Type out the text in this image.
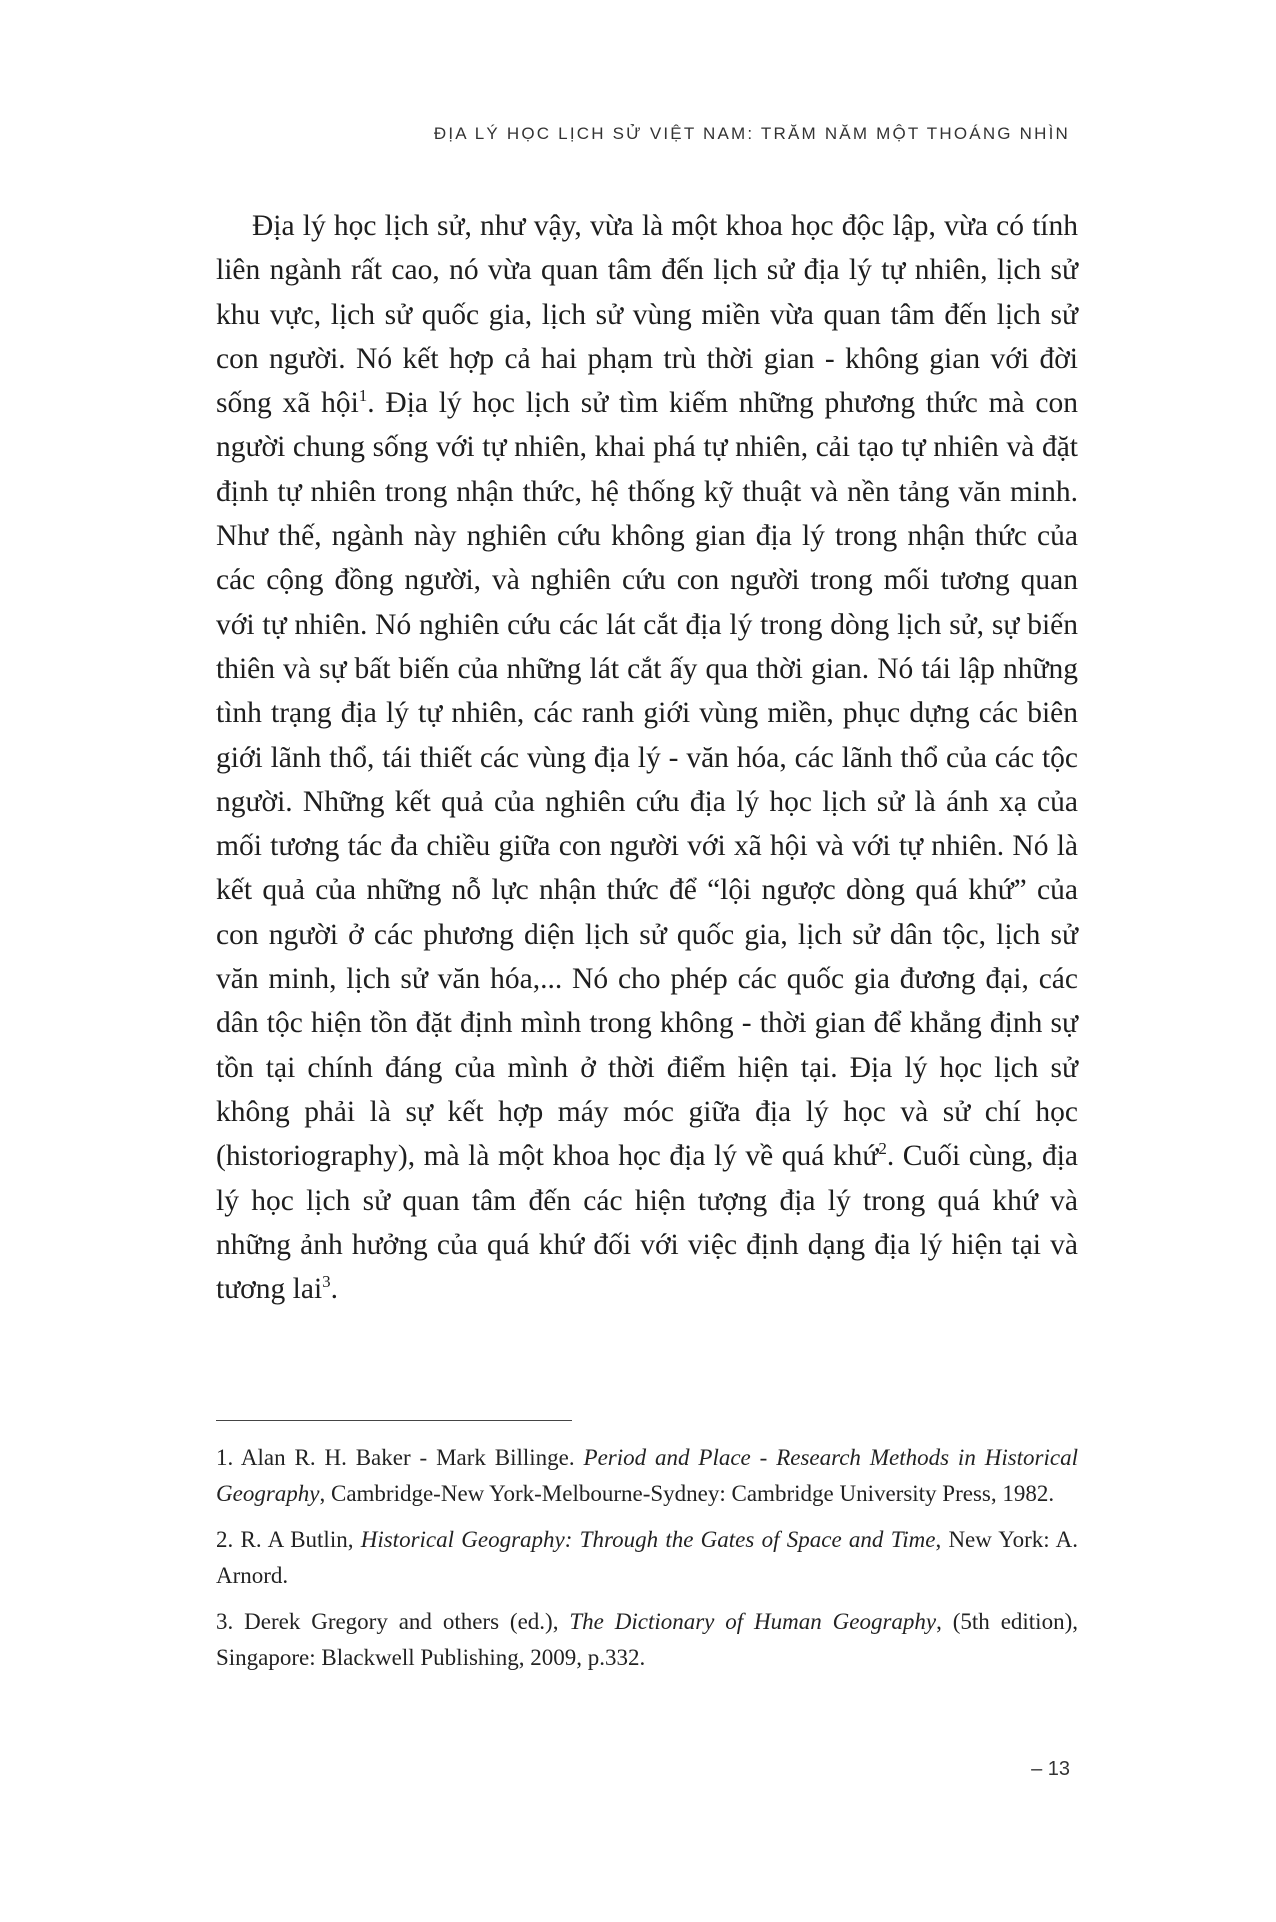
ĐỊA LÝ HỌC LỊCH SỬ VIỆT NAM: TRĂM NĂM MỘT THOÁNG NHÌN

Địa lý học lịch sử, như vậy, vừa là một khoa học độc lập, vừa có tính liên ngành rất cao, nó vừa quan tâm đến lịch sử địa lý tự nhiên, lịch sử khu vực, lịch sử quốc gia, lịch sử vùng miền vừa quan tâm đến lịch sử con người. Nó kết hợp cả hai phạm trù thời gian - không gian với đời sống xã hội$^1$. Địa lý học lịch sử tìm kiếm những phương thức mà con người chung sống với tự nhiên, khai phá tự nhiên, cải tạo tự nhiên và đặt định tự nhiên trong nhận thức, hệ thống kỹ thuật và nền tảng văn minh. Như thế, ngành này nghiên cứu không gian địa lý trong nhận thức của các cộng đồng người, và nghiên cứu con người trong mối tương quan với tự nhiên. Nó nghiên cứu các lát cắt địa lý trong dòng lịch sử, sự biến thiên và sự bất biến của những lát cắt ấy qua thời gian. Nó tái lập những tình trạng địa lý tự nhiên, các ranh giới vùng miền, phục dựng các biên giới lãnh thổ, tái thiết các vùng địa lý - văn hóa, các lãnh thổ của các tộc người. Những kết quả của nghiên cứu địa lý học lịch sử là ánh xạ của mối tương tác đa chiều giữa con người với xã hội và với tự nhiên. Nó là kết quả của những nỗ lực nhận thức để “lội ngược dòng quá khứ” của con người ở các phương diện lịch sử quốc gia, lịch sử dân tộc, lịch sử văn minh, lịch sử văn hóa,... Nó cho phép các quốc gia đương đại, các dân tộc hiện tồn đặt định mình trong không - thời gian để khẳng định sự tồn tại chính đáng của mình ở thời điểm hiện tại. Địa lý học lịch sử không phải là sự kết hợp máy móc giữa địa lý học và sử chí học (historiography), mà là một khoa học địa lý về quá khứ$^2$. Cuối cùng, địa lý học lịch sử quan tâm đến các hiện tượng địa lý trong quá khứ và những ảnh hưởng của quá khứ đối với việc định dạng địa lý hiện tại và tương lai$^3$.

1. Alan R. H. Baker - Mark Billinge. Period and Place - Research Methods in Historical Geography, Cambridge-New York-Melbourne-Sydney: Cambridge University Press, 1982.

2. R. A Butlin, Historical Geography: Through the Gates of Space and Time, New York: A. Arnord.

3. Derek Gregory and others (ed.), The Dictionary of Human Geography, (5th edition), Singapore: Blackwell Publishing, 2009, p.332.

– 13
